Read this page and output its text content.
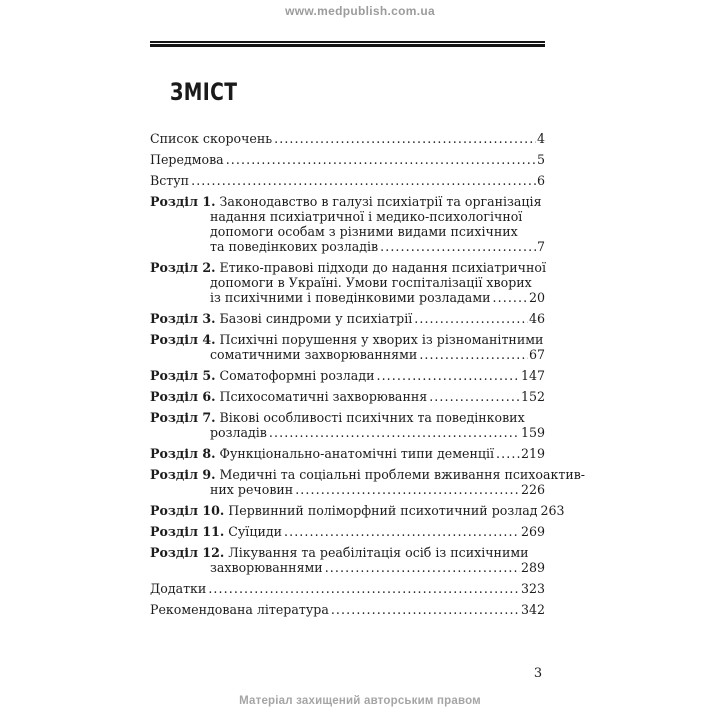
www.medpublish.com.ua
ЗМІСТ
Список скорочень .....	4
Передмова .....	5
Вступ .....	6
Розділ 1. Законодавство в галузі психіатрії та організація
надання психіатричної і медико-психологічної
допомоги особам з різними видами психічних
та поведінкових розладів .....	7
Розділ 2. Етико-правові підходи до надання психіатричної
допомоги в Україні. Умови госпіталізації хворих
із психічними і поведінковими розладами .....	20
Розділ 3. Базові синдроми у психіатрії .....	46
Розділ 4. Психічні порушення у хворих із різноманітними
соматичними захворюваннями .....	67
Розділ 5. Соматоформні розлади .....	147
Розділ 6. Психосоматичні захворювання .....	152
Розділ 7. Вікові особливості психічних та поведінкових
розладів .....	159
Розділ 8. Функціонально-анатомічні типи деменції ..... 219
Розділ 9. Медичні та соціальні проблеми вживання психоактив-
них речовин .....	226
Розділ 10. Первинний поліморфний психотичний розлад 263
Розділ 11. Суїциди .....	269
Розділ 12. Лікування та реабілітація осіб із психічними
захворюваннями .....	289
Додатки .....	323
Рекомендована література .....	342
3
Матеріал захищений авторським правом
